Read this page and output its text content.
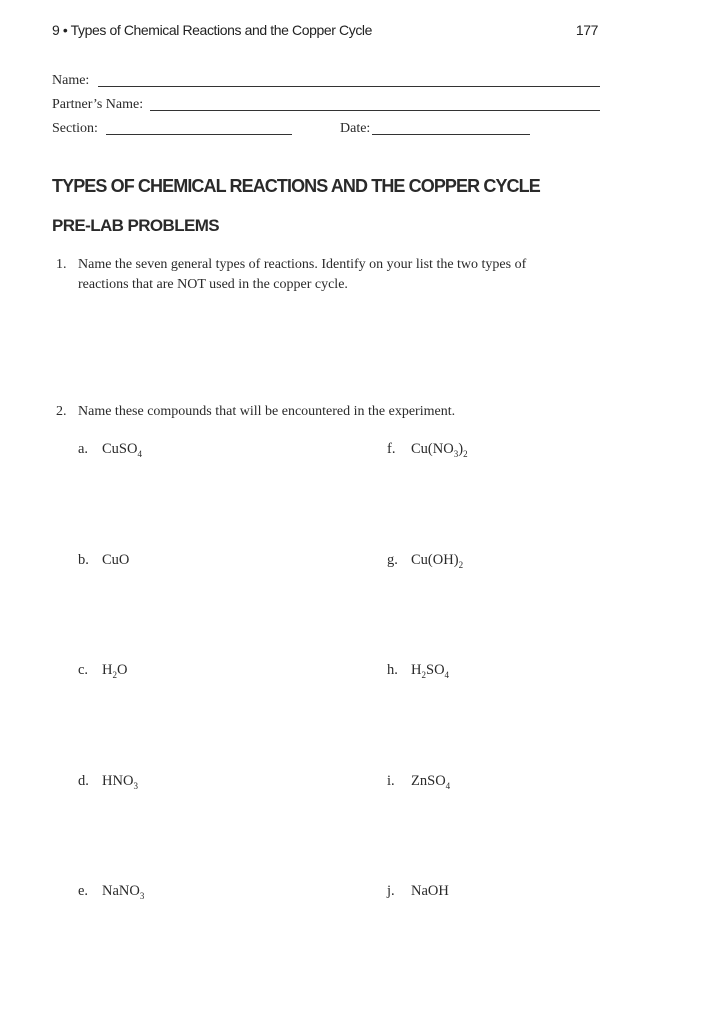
9 • Types of Chemical Reactions and the Copper Cycle	177
Name:
Partner’s Name:
Section:	Date:
TYPES OF CHEMICAL REACTIONS AND THE COPPER CYCLE
PRE-LAB PROBLEMS
1. Name the seven general types of reactions. Identify on your list the two types of reactions that are NOT used in the copper cycle.
2. Name these compounds that will be encountered in the experiment.
a. CuSO$_4$
b. CuO
c. $H_2O$
d. $HNO_3$
e. NaNO$_3$
f. $Cu(NO_3)_2$
g. $Cu(OH)_2$
h. $H_2SO_4$
i. ZnSO$_4$
j. NaOH
